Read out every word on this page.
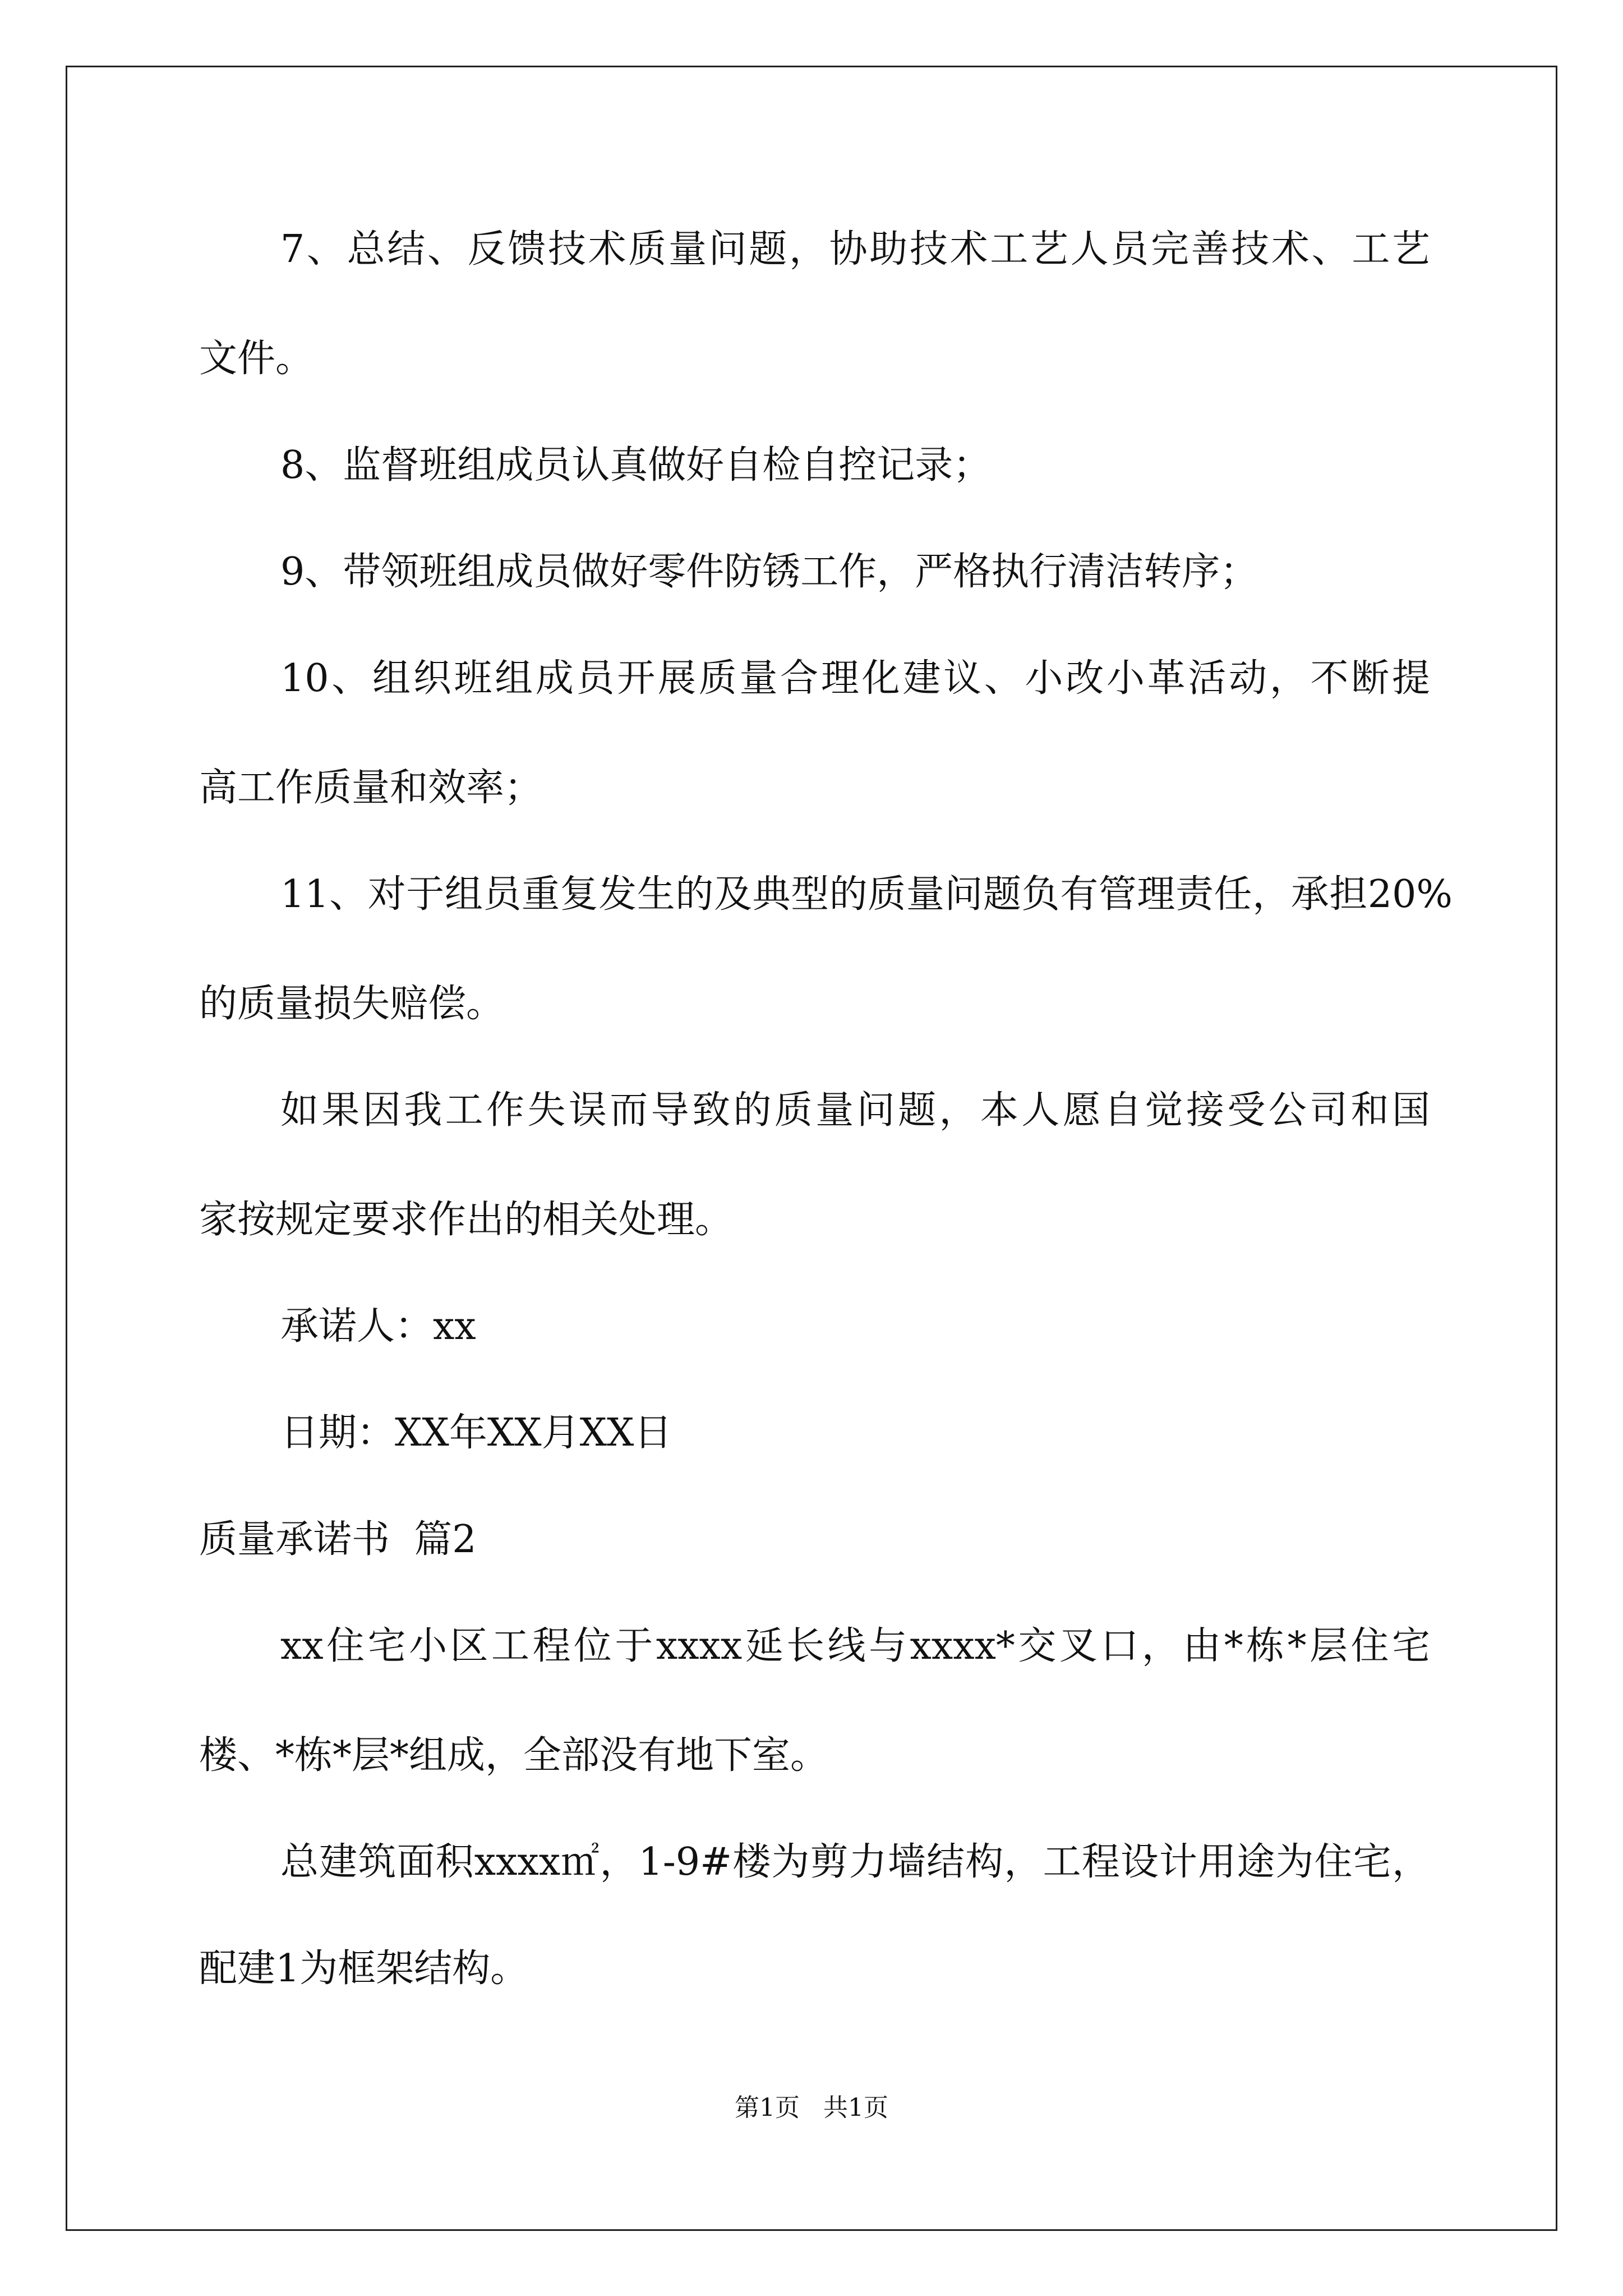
7、总结、反馈技术质量问题，协助技术工艺人员完善技术、工艺
文件。
8、监督班组成员认真做好自检自控记录；
9、带领班组成员做好零件防锈工作，严格执行清洁转序；
10、组织班组成员开展质量合理化建议、小改小革活动，不断提
高工作质量和效率；
11、对于组员重复发生的及典型的质量问题负有管理责任，承担20%
的质量损失赔偿。
如果因我工作失误而导致的质量问题，本人愿自觉接受公司和国
家按规定要求作出的相关处理。
承诺人：xx
日期：XX年XX月XX日
质量承诺书  篇2
xx住宅小区工程位于xxxx延长线与xxxx*交叉口，由*栋*层住宅
楼、*栋*层*组成，全部没有地下室。
总建筑面积xxxx㎡，1-9#楼为剪力墙结构，工程设计用途为住宅，
配建1为框架结构。
第1页   共1页
